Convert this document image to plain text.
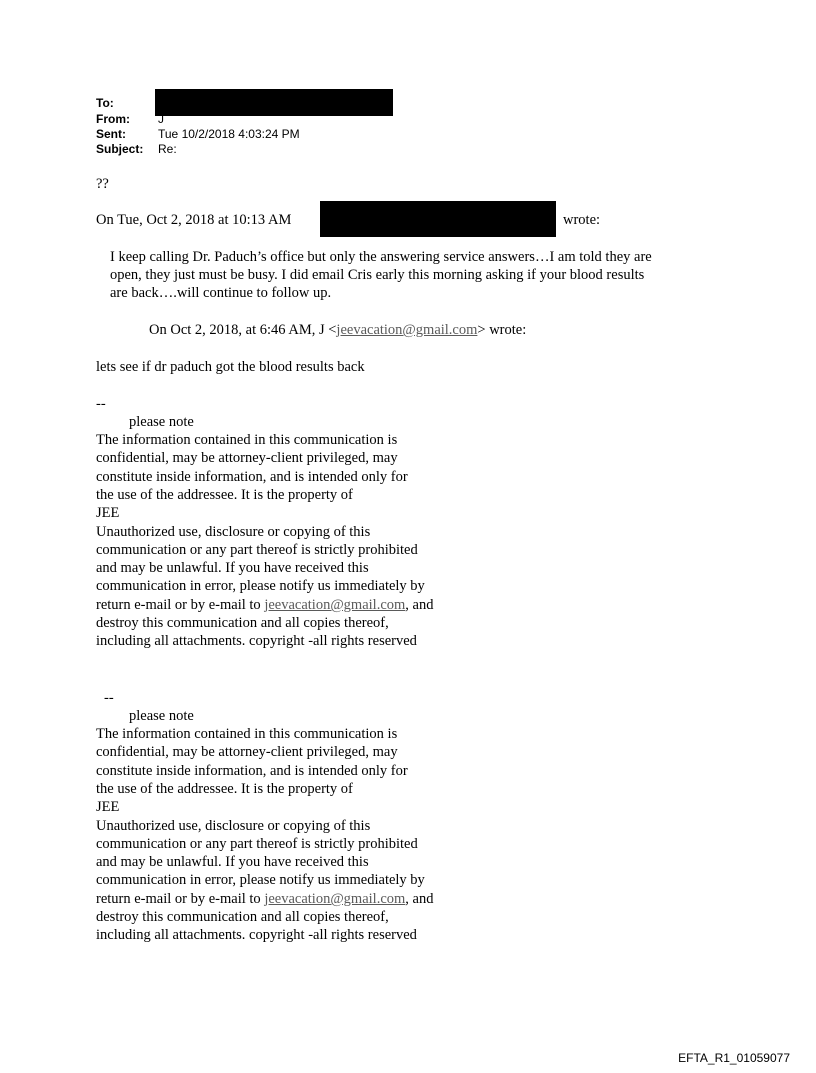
To:
From: J
Sent:	Tue 10/2/2018 4:03:24 PM
Subject: Re:
??
On Tue, Oct 2, 2018 at 10:13 AM	wrote:
I keep calling Dr. Paduch’s office but only the answering service answers…I am told they are
open, they just must be busy. I did email Cris early this morning asking if your blood results
are back….will continue to follow up.
On Oct 2, 2018, at 6:46 AM, J <jeevacation@gmail.com> wrote:
lets see if dr paduch got the blood results back
--
please note
The information contained in this communication is
confidential, may be attorney-client privileged, may
constitute inside information, and is intended only for
the use of the addressee. It is the property of
JEE
Unauthorized use, disclosure or copying of this
communication or any part thereof is strictly prohibited
and may be unlawful. If you have received this
communication in error, please notify us immediately by
return e-mail or by e-mail to jeevacation@gmail.com, and
destroy this communication and all copies thereof,
including all attachments. copyright -all rights reserved
--
please note
The information contained in this communication is
confidential, may be attorney-client privileged, may
constitute inside information, and is intended only for
the use of the addressee. It is the property of
JEE
Unauthorized use, disclosure or copying of this
communication or any part thereof is strictly prohibited
and may be unlawful. If you have received this
communication in error, please notify us immediately by
return e-mail or by e-mail to jeevacation@gmail.com, and
destroy this communication and all copies thereof,
including all attachments. copyright -all rights reserved
EFTA_R1_01059077
